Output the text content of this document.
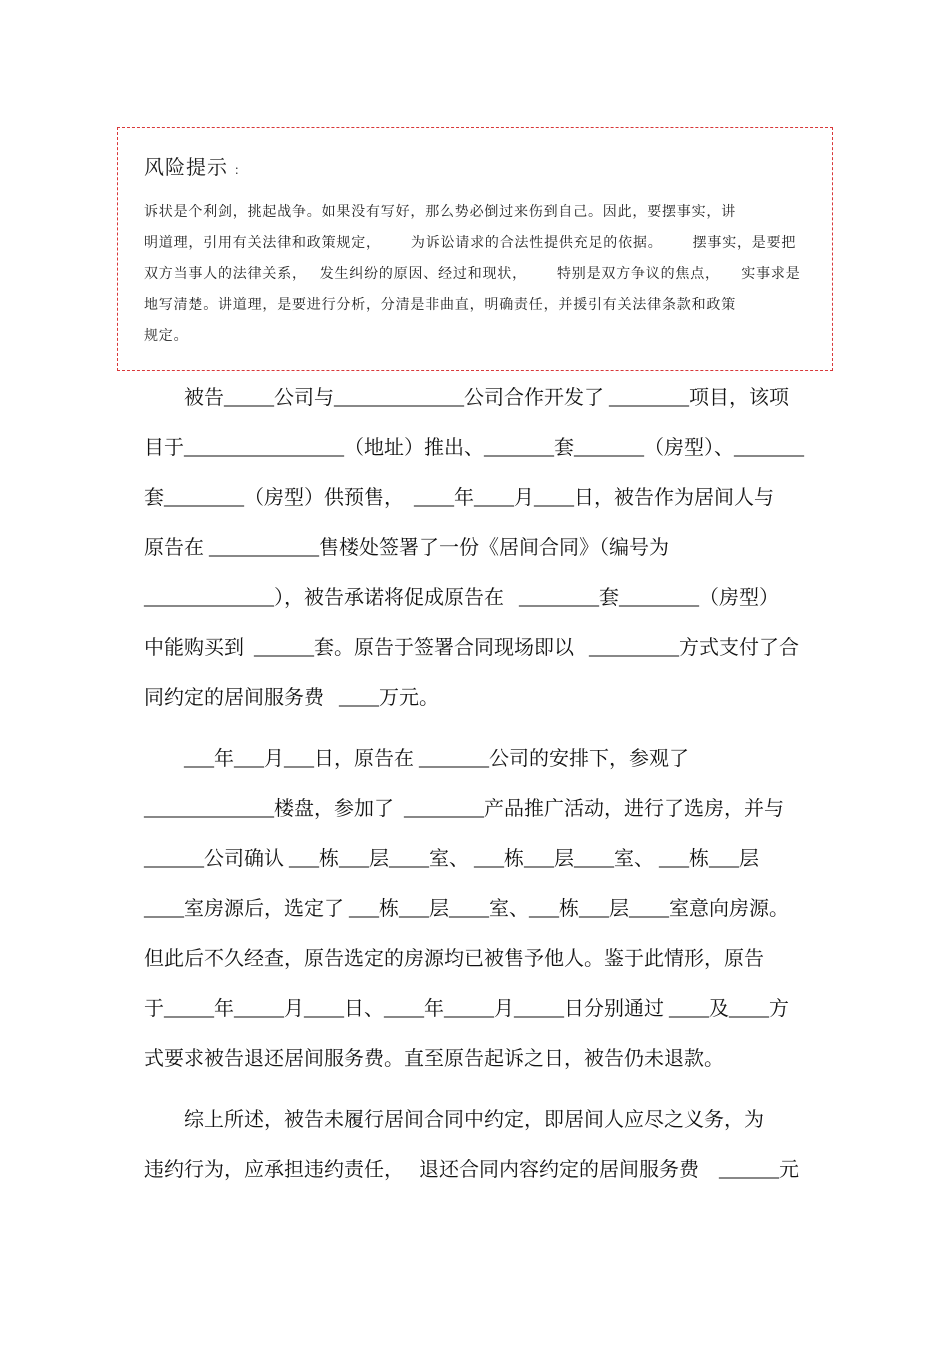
风险提示 ：
诉状是个利剑，挑起战争。如果没有写好，那么势必倒过来伤到自己。因此，要摆事实，讲
明道理，引用有关法律和政策规定，       为诉讼请求的合法性提供充足的依据。       摆事实，是要把
双方当事人的法律关系，   发生纠纷的原因、经过和现状，       特别是双方争议的焦点，     实事求是
地写清楚。讲道理，是要进行分析，分清是非曲直，明确责任，并援引有关法律条款和政策
规定。
被告_____公司与_____________公司合作开发了 ________项目，该项
目于________________（地址）推出、_______套_______（房型）、_______
套________（房型）供预售，  ____年____月____日，被告作为居间人与
原告在 ___________售楼处签署了一份《居间合同》（编号为
_____________），被告承诺将促成原告在   ________套________（房型）
中能购买到  ______套。原告于签署合同现场即以   _________方式支付了合
同约定的居间服务费   ____万元。
___年___月___日，原告在 _______公司的安排下，参观了
_____________楼盘，参加了  ________产品推广活动，进行了选房，并与
______公司确认 ___栋___层____室、 ___栋___层____室、 ___栋___层
____室房源后，选定了 ___栋___层____室、___栋___层____室意向房源。
但此后不久经查，原告选定的房源均已被售予他人。鉴于此情形，原告
于_____年_____月____日、____年_____月_____日分别通过 ____及____方
式要求被告退还居间服务费。直至原告起诉之日，被告仍未退款。
综上所述，被告未履行居间合同中约定，即居间人应尽之义务，为
违约行为，应承担违约责任，   退还合同内容约定的居间服务费    ______元
